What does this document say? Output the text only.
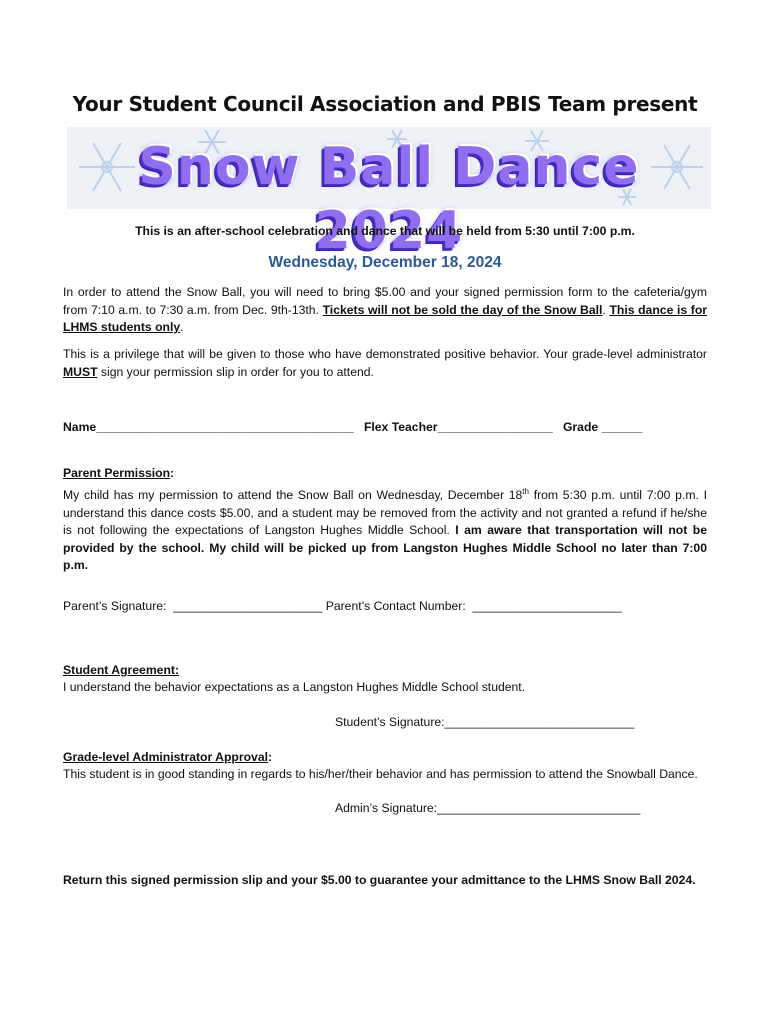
Your Student Council Association and PBIS Team present
Snow Ball Dance 2024
This is an after-school celebration and dance that will be held from 5:30 until 7:00 p.m.
Wednesday, December 18, 2024
In order to attend the Snow Ball, you will need to bring $5.00 and your signed permission form to the cafeteria/gym from 7:10 a.m. to 7:30 a.m. from Dec. 9th-13th. Tickets will not be sold the day of the Snow Ball. This dance is for LHMS students only.
This is a privilege that will be given to those who have demonstrated positive behavior. Your grade-level administrator MUST sign your permission slip in order for you to attend.
Name______________________________________ Flex Teacher_________________ Grade ______
Parent Permission:
My child has my permission to attend the Snow Ball on Wednesday, December 18th from 5:30 p.m. until 7:00 p.m. I understand this dance costs $5.00, and a student may be removed from the activity and not granted a refund if he/she is not following the expectations of Langston Hughes Middle School. I am aware that transportation will not be provided by the school. My child will be picked up from Langston Hughes Middle School no later than 7:00 p.m.
Parent’s Signature:  ______________________ Parent’s Contact Number:  ______________________
Student Agreement:
I understand the behavior expectations as a Langston Hughes Middle School student.
Student’s Signature:____________________________
Grade-level Administrator Approval:
This student is in good standing in regards to his/her/their behavior and has permission to attend the Snowball Dance.
Admin’s Signature:______________________________
Return this signed permission slip and your $5.00 to guarantee your admittance to the LHMS Snow Ball 2024.
